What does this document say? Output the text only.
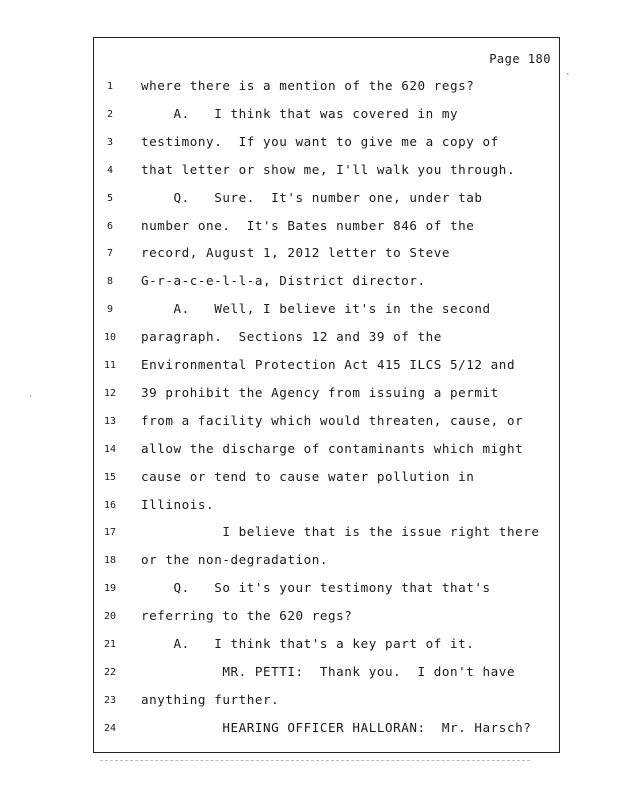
Page 180
1	where there is a mention of the 620 regs?
2	A.   I think that was covered in my
3	testimony.  If you want to give me a copy of
4	that letter or show me, I'll walk you through.
5	Q.   Sure.  It's number one, under tab
6	number one.  It's Bates number 846 of the
7	record, August 1, 2012 letter to Steve
8	G-r-a-c-e-l-l-a, District director.
9	A.   Well, I believe it's in the second
10	paragraph.  Sections 12 and 39 of the
11	Environmental Protection Act 415 ILCS 5/12 and
12	39 prohibit the Agency from issuing a permit
13	from a facility which would threaten, cause, or
14	allow the discharge of contaminants which might
15	cause or tend to cause water pollution in
16	Illinois.
17	I believe that is the issue right there
18	or the non-degradation.
19	Q.   So it's your testimony that that's
20	referring to the 620 regs?
21	A.   I think that's a key part of it.
22	MR. PETTI:  Thank you.  I don't have
23	anything further.
24	HEARING OFFICER HALLORAN:  Mr. Harsch?
·
·
